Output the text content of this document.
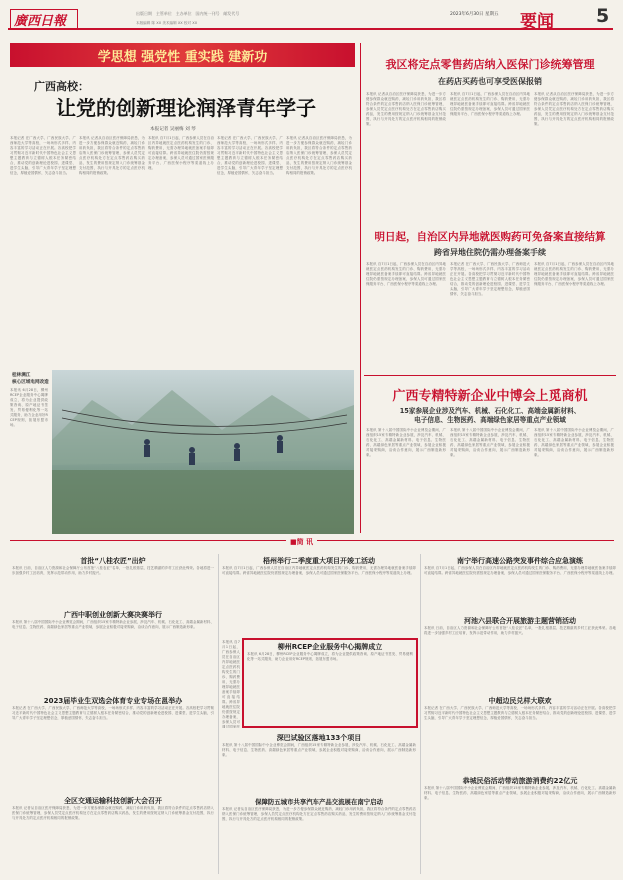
廣西日報
出版日期 主管单位 主办单位 国内统一刊号 邮发代号	2023年6月30日 星期五
本版编辑 陈 XX 美术编辑 XX 校对 XX	要闻 5
学思想 强党性 重实践 建新功
广西高校：
让党的创新理论润泽青年学子
本报记者 吴丽梅 刘 琴
本报记者 在广西大学、广西民族大学、广西师范大学等高校，一场场形式多样、内容丰富的学习活动正在开展。各高校把学习贯彻习近平新时代中国特色社会主义思想主题教育与立德树人根本任务紧密结合，推动党的创新理论进校园、进课堂、进学生头脑，引导广大青年学子坚定理想信念，厚植爱国情怀，矢志奋斗担当。
本报讯 记者从自治区医疗保障局获悉，为进一步方便参保群众就近购药，减轻门诊用药负担，我区将符合条件的定点零售药店纳入医保门诊统筹管理，参保人员凭定点医疗机构处方在定点零售药店购买药品，发生的费用按规定纳入门诊统筹基金支付范围，执行与开具处方的定点医疗机构相同的报销政策。
本报讯 自7月1日起，广西参保人员在自治区内异地就医定点医药机构发生的门诊、购药费用，无需办理异地就医备案手续即可直接结算。跨省异地就医住院仍需按规定办理备案，参保人员可通过国家医保服务平台、广西医保小程序等渠道线上办理。
本报记者 在广西大学、广西民族大学、广西师范大学等高校，一场场形式多样、内容丰富的学习活动正在开展。各高校把学习贯彻习近平新时代中国特色社会主义思想主题教育与立德树人根本任务紧密结合，推动党的创新理论进校园、进课堂、进学生头脑，引导广大青年学子坚定理想信念，厚植爱国情怀，矢志奋斗担当。
本报讯 记者从自治区医疗保障局获悉，为进一步方便参保群众就近购药，减轻门诊用药负担，我区将符合条件的定点零售药店纳入医保门诊统筹管理，参保人员凭定点医疗机构处方在定点零售药店购买药品，发生的费用按规定纳入门诊统筹基金支付范围，执行与开具处方的定点医疗机构相同的报销政策。
桂林漓江
核心区域电网改造
本报讯 6月28日，柳州RCEP企业服务中心揭牌成立，将为企业提供政策咨询、原产地证书签发、贸易便利化等一站式服务，助力企业用好RCEP规则，拓展东盟市场。
我区将定点零售药店纳入医保门诊统筹管理
在药店买药也可享受医保报销
本报讯 记者从自治区医疗保障局获悉，为进一步方便参保群众就近购药，减轻门诊用药负担，我区将符合条件的定点零售药店纳入医保门诊统筹管理，参保人员凭定点医疗机构处方在定点零售药店购买药品，发生的费用按规定纳入门诊统筹基金支付范围，执行与开具处方的定点医疗机构相同的报销政策。
本报讯 自7月1日起，广西参保人员在自治区内异地就医定点医药机构发生的门诊、购药费用，无需办理异地就医备案手续即可直接结算。跨省异地就医住院仍需按规定办理备案，参保人员可通过国家医保服务平台、广西医保小程序等渠道线上办理。
本报讯 记者从自治区医疗保障局获悉，为进一步方便参保群众就近购药，减轻门诊用药负担，我区将符合条件的定点零售药店纳入医保门诊统筹管理，参保人员凭定点医疗机构处方在定点零售药店购买药品，发生的费用按规定纳入门诊统筹基金支付范围，执行与开具处方的定点医疗机构相同的报销政策。
明日起，自治区内异地就医购药可免备案直接结算
跨省异地住院仍需办理备案手续
本报讯 自7月1日起，广西参保人员在自治区内异地就医定点医药机构发生的门诊、购药费用，无需办理异地就医备案手续即可直接结算。跨省异地就医住院仍需按规定办理备案，参保人员可通过国家医保服务平台、广西医保小程序等渠道线上办理。
本报记者 在广西大学、广西民族大学、广西师范大学等高校，一场场形式多样、内容丰富的学习活动正在开展。各高校把学习贯彻习近平新时代中国特色社会主义思想主题教育与立德树人根本任务紧密结合，推动党的创新理论进校园、进课堂、进学生头脑，引导广大青年学子坚定理想信念，厚植爱国情怀，矢志奋斗担当。
本报讯 自7月1日起，广西参保人员在自治区内异地就医定点医药机构发生的门诊、购药费用，无需办理异地就医备案手续即可直接结算。跨省异地就医住院仍需按规定办理备案，参保人员可通过国家医保服务平台、广西医保小程序等渠道线上办理。
广西专精特新企业中博会上觅商机
15家参展企业涉及汽车、机械、石化化工、高端金属新材料、
电子信息、生物医药、高端绿色家居等重点产业领域
本报讯 第十八届中国国际中小企业博览会期间，广西组织15家专精特新企业参展，涉及汽车、机械、石化化工、高端金属新材料、电子信息、生物医药、高端绿色家居等重点产业领域，参展企业积极对接采购商，洽谈合作意向，展示广西制造新形象。
本报讯 第十八届中国国际中小企业博览会期间，广西组织15家专精特新企业参展，涉及汽车、机械、石化化工、高端金属新材料、电子信息、生物医药、高端绿色家居等重点产业领域，参展企业积极对接采购商，洽谈合作意向，展示广西制造新形象。
本报讯 第十八届中国国际中小企业博览会期间，广西组织15家专精特新企业参展，涉及汽车、机械、石化化工、高端金属新材料、电子信息、生物医药、高端绿色家居等重点产业领域，参展企业积极对接采购商，洽谈合作意向，展示广西制造新形象。
■简 讯
首批“八桂农匠”出炉
本报讯 日前，自治区人力资源和社会保障厅公布首批“八桂农匠”名单，一批扎根基层、技艺精湛的乡村工匠获此殊荣。各地将进一步加强乡村工匠培育，发挥示范带动作用，助力乡村振兴。
广西中职创业创新大赛决赛举行
本报讯 第十八届中国国际中小企业博览会期间，广西组织15家专精特新企业参展，涉及汽车、机械、石化化工、高端金属新材料、电子信息、生物医药、高端绿色家居等重点产业领域，参展企业积极对接采购商，洽谈合作意向，展示广西制造新形象。
2023届毕业生双选会体育专业专场在邕举办
本报记者 在广西大学、广西民族大学、广西师范大学等高校，一场场形式多样、内容丰富的学习活动正在开展。各高校把学习贯彻习近平新时代中国特色社会主义思想主题教育与立德树人根本任务紧密结合，推动党的创新理论进校园、进课堂、进学生头脑，引导广大青年学子坚定理想信念，厚植爱国情怀，矢志奋斗担当。
全区交通运输科技创新大会召开
本报讯 记者从自治区医疗保障局获悉，为进一步方便参保群众就近购药，减轻门诊用药负担，我区将符合条件的定点零售药店纳入医保门诊统筹管理，参保人员凭定点医疗机构处方在定点零售药店购买药品，发生的费用按规定纳入门诊统筹基金支付范围，执行与开具处方的定点医疗机构相同的报销政策。
梧州举行二季度重大项目开竣工活动
本报讯 自7月1日起，广西参保人员在自治区内异地就医定点医药机构发生的门诊、购药费用，无需办理异地就医备案手续即可直接结算。跨省异地就医住院仍需按规定办理备案，参保人员可通过国家医保服务平台、广西医保小程序等渠道线上办理。
柳州RCEP企业服务中心揭牌成立
本报讯 6月28日，柳州RCEP企业服务中心揭牌成立，将为企业提供政策咨询、原产地证书签发、贸易便利化等一站式服务，助力企业用好RCEP规则，拓展东盟市场。
本报讯 自7月1日起，广西参保人员在自治区内异地就医定点医药机构发生的门诊、购药费用，无需办理异地就医备案手续即可直接结算。跨省异地就医住院仍需按规定办理备案，参保人员可通过国家医
深巴试验区落地133个项目
本报讯 第十八届中国国际中小企业博览会期间，广西组织15家专精特新企业参展，涉及汽车、机械、石化化工、高端金属新材料、电子信息、生物医药、高端绿色家居等重点产业领域，参展企业积极对接采购商，洽谈合作意向，展示广西制造新形象。
保障防五城市共享汽车产品交流展在南宁启动
本报讯 记者从自治区医疗保障局获悉，为进一步方便参保群众就近购药，减轻门诊用药负担，我区将符合条件的定点零售药店纳入医保门诊统筹管理，参保人员凭定点医疗机构处方在定点零售药店购买药品，发生的费用按规定纳入门诊统筹基金支付范围，执行与开具处方的定点医疗机构相同的报销政策。
南宁举行高速公路突发事件综合应急演练
本报讯 自7月1日起，广西参保人员在自治区内异地就医定点医药机构发生的门诊、购药费用，无需办理异地就医备案手续即可直接结算。跨省异地就医住院仍需按规定办理备案，参保人员可通过国家医保服务平台、广西医保小程序等渠道线上办理。
河池六县联合开展旅游主题营销活动
本报讯 日前，自治区人力资源和社会保障厅公布首批“八桂农匠”名单，一批扎根基层、技艺精湛的乡村工匠获此殊荣。各地将进一步加强乡村工匠培育，发挥示范带动作用，助力乡村振兴。
中超边民兑样大联欢
本报记者 在广西大学、广西民族大学、广西师范大学等高校，一场场形式多样、内容丰富的学习活动正在开展。各高校把学习贯彻习近平新时代中国特色社会主义思想主题教育与立德树人根本任务紧密结合，推动党的创新理论进校园、进课堂、进学生头脑，引导广大青年学子坚定理想信念，厚植爱国情怀，矢志奋斗担当。
恭城民俗活动带动旅游消费约22亿元
本报讯 第十八届中国国际中小企业博览会期间，广西组织15家专精特新企业参展，涉及汽车、机械、石化化工、高端金属新材料、电子信息、生物医药、高端绿色家居等重点产业领域，参展企业积极对接采购商，洽谈合作意向，展示广西制造新形象。
